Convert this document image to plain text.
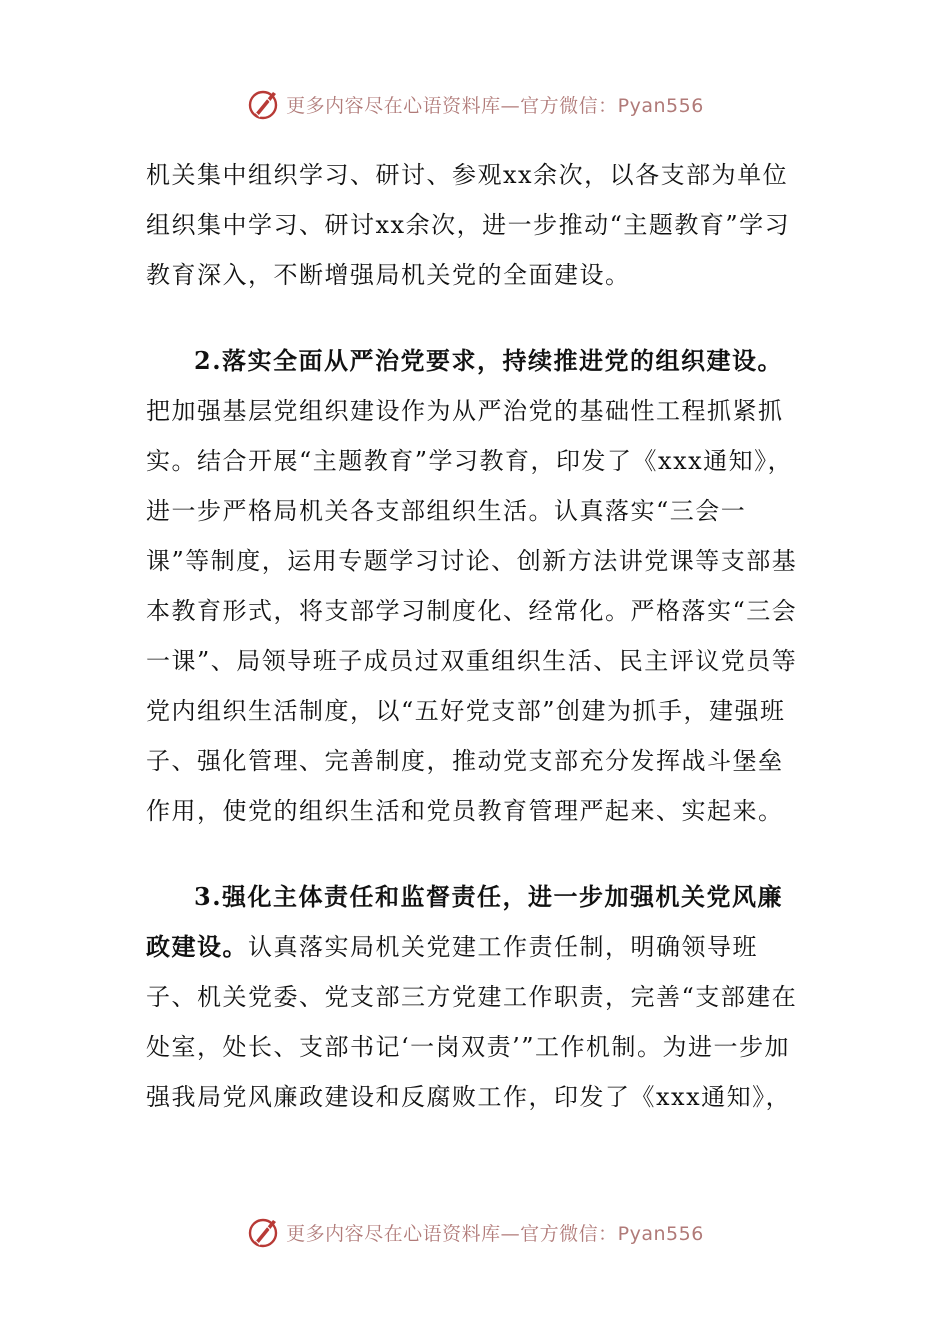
更多内容尽在心语资料库—官方微信：Pyan556

机关集中组织学习、研讨、参观xx余次，以各支部为单位组织集中学习、研讨xx余次，进一步推动“主题教育”学习教育深入，不断增强局机关党的全面建设。

2.落实全面从严治党要求，持续推进党的组织建设。
把加强基层党组织建设作为从严治党的基础性工程抓紧抓实。结合开展“主题教育”学习教育，印发了《xxx通知》，进一步严格局机关各支部组织生活。认真落实“三会一课”等制度，运用专题学习讨论、创新方法讲党课等支部基本教育形式，将支部学习制度化、经常化。严格落实“三会一课”、局领导班子成员过双重组织生活、民主评议党员等党内组织生活制度，以“五好党支部”创建为抓手，建强班子、强化管理、完善制度，推动党支部充分发挥战斗堡垒作用，使党的组织生活和党员教育管理严起来、实起来。

3.强化主体责任和监督责任，进一步加强机关党风廉政建设。认真落实局机关党建工作责任制，明确领导班子、机关党委、党支部三方党建工作职责，完善“支部建在处室，处长、支部书记‘一岗双责’”工作机制。为进一步加强我局党风廉政建设和反腐败工作，印发了《xxx通知》，

更多内容尽在心语资料库—官方微信：Pyan556
